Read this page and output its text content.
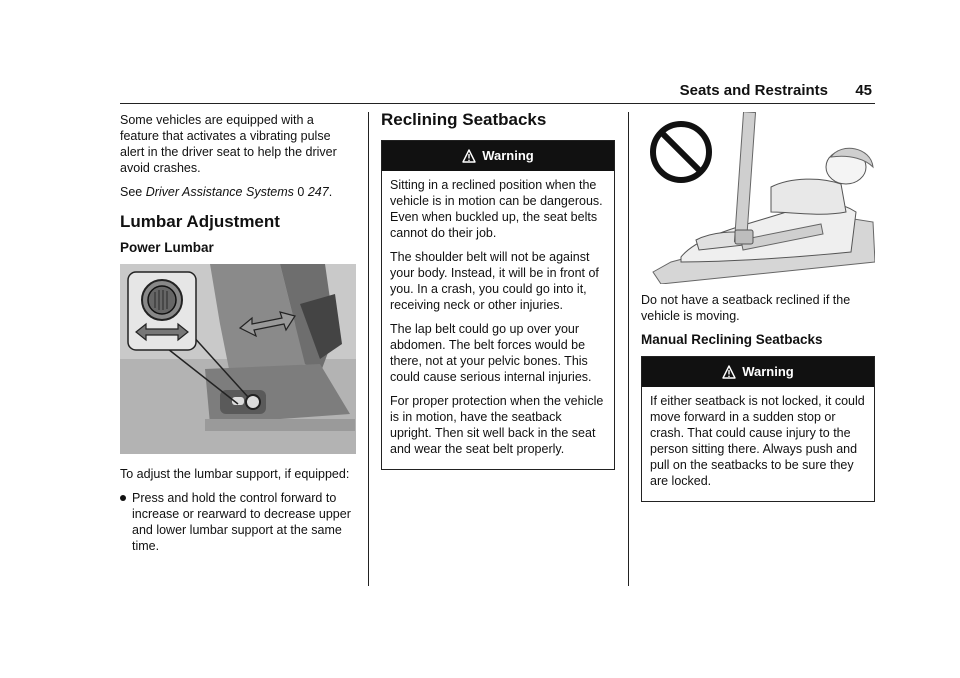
Seats and Restraints 45

Some vehicles are equipped with a feature that activates a vibrating pulse alert in the driver seat to help the driver avoid crashes.

See Driver Assistance Systems 0 247.

Lumbar Adjustment
Power Lumbar

To adjust the lumbar support, if equipped:

Press and hold the control forward to increase or rearward to decrease upper and lower lumbar support at the same time.
Reclining Seatbacks
Warning

Sitting in a reclined position when the vehicle is in motion can be dangerous. Even when buckled up, the seat belts cannot do their job.

The shoulder belt will not be against your body. Instead, it will be in front of you. In a crash, you could go into it, receiving neck or other injuries.

The lap belt could go up over your abdomen. The belt forces would be there, not at your pelvic bones. This could cause serious internal injuries.

For proper protection when the vehicle is in motion, have the seatback upright. Then sit well back in the seat and wear the seat belt properly.

Do not have a seatback reclined if the vehicle is moving.

Manual Reclining Seatbacks
Warning

If either seatback is not locked, it could move forward in a sudden stop or crash. That could cause injury to the person sitting there. Always push and pull on the seatbacks to be sure they are locked.
